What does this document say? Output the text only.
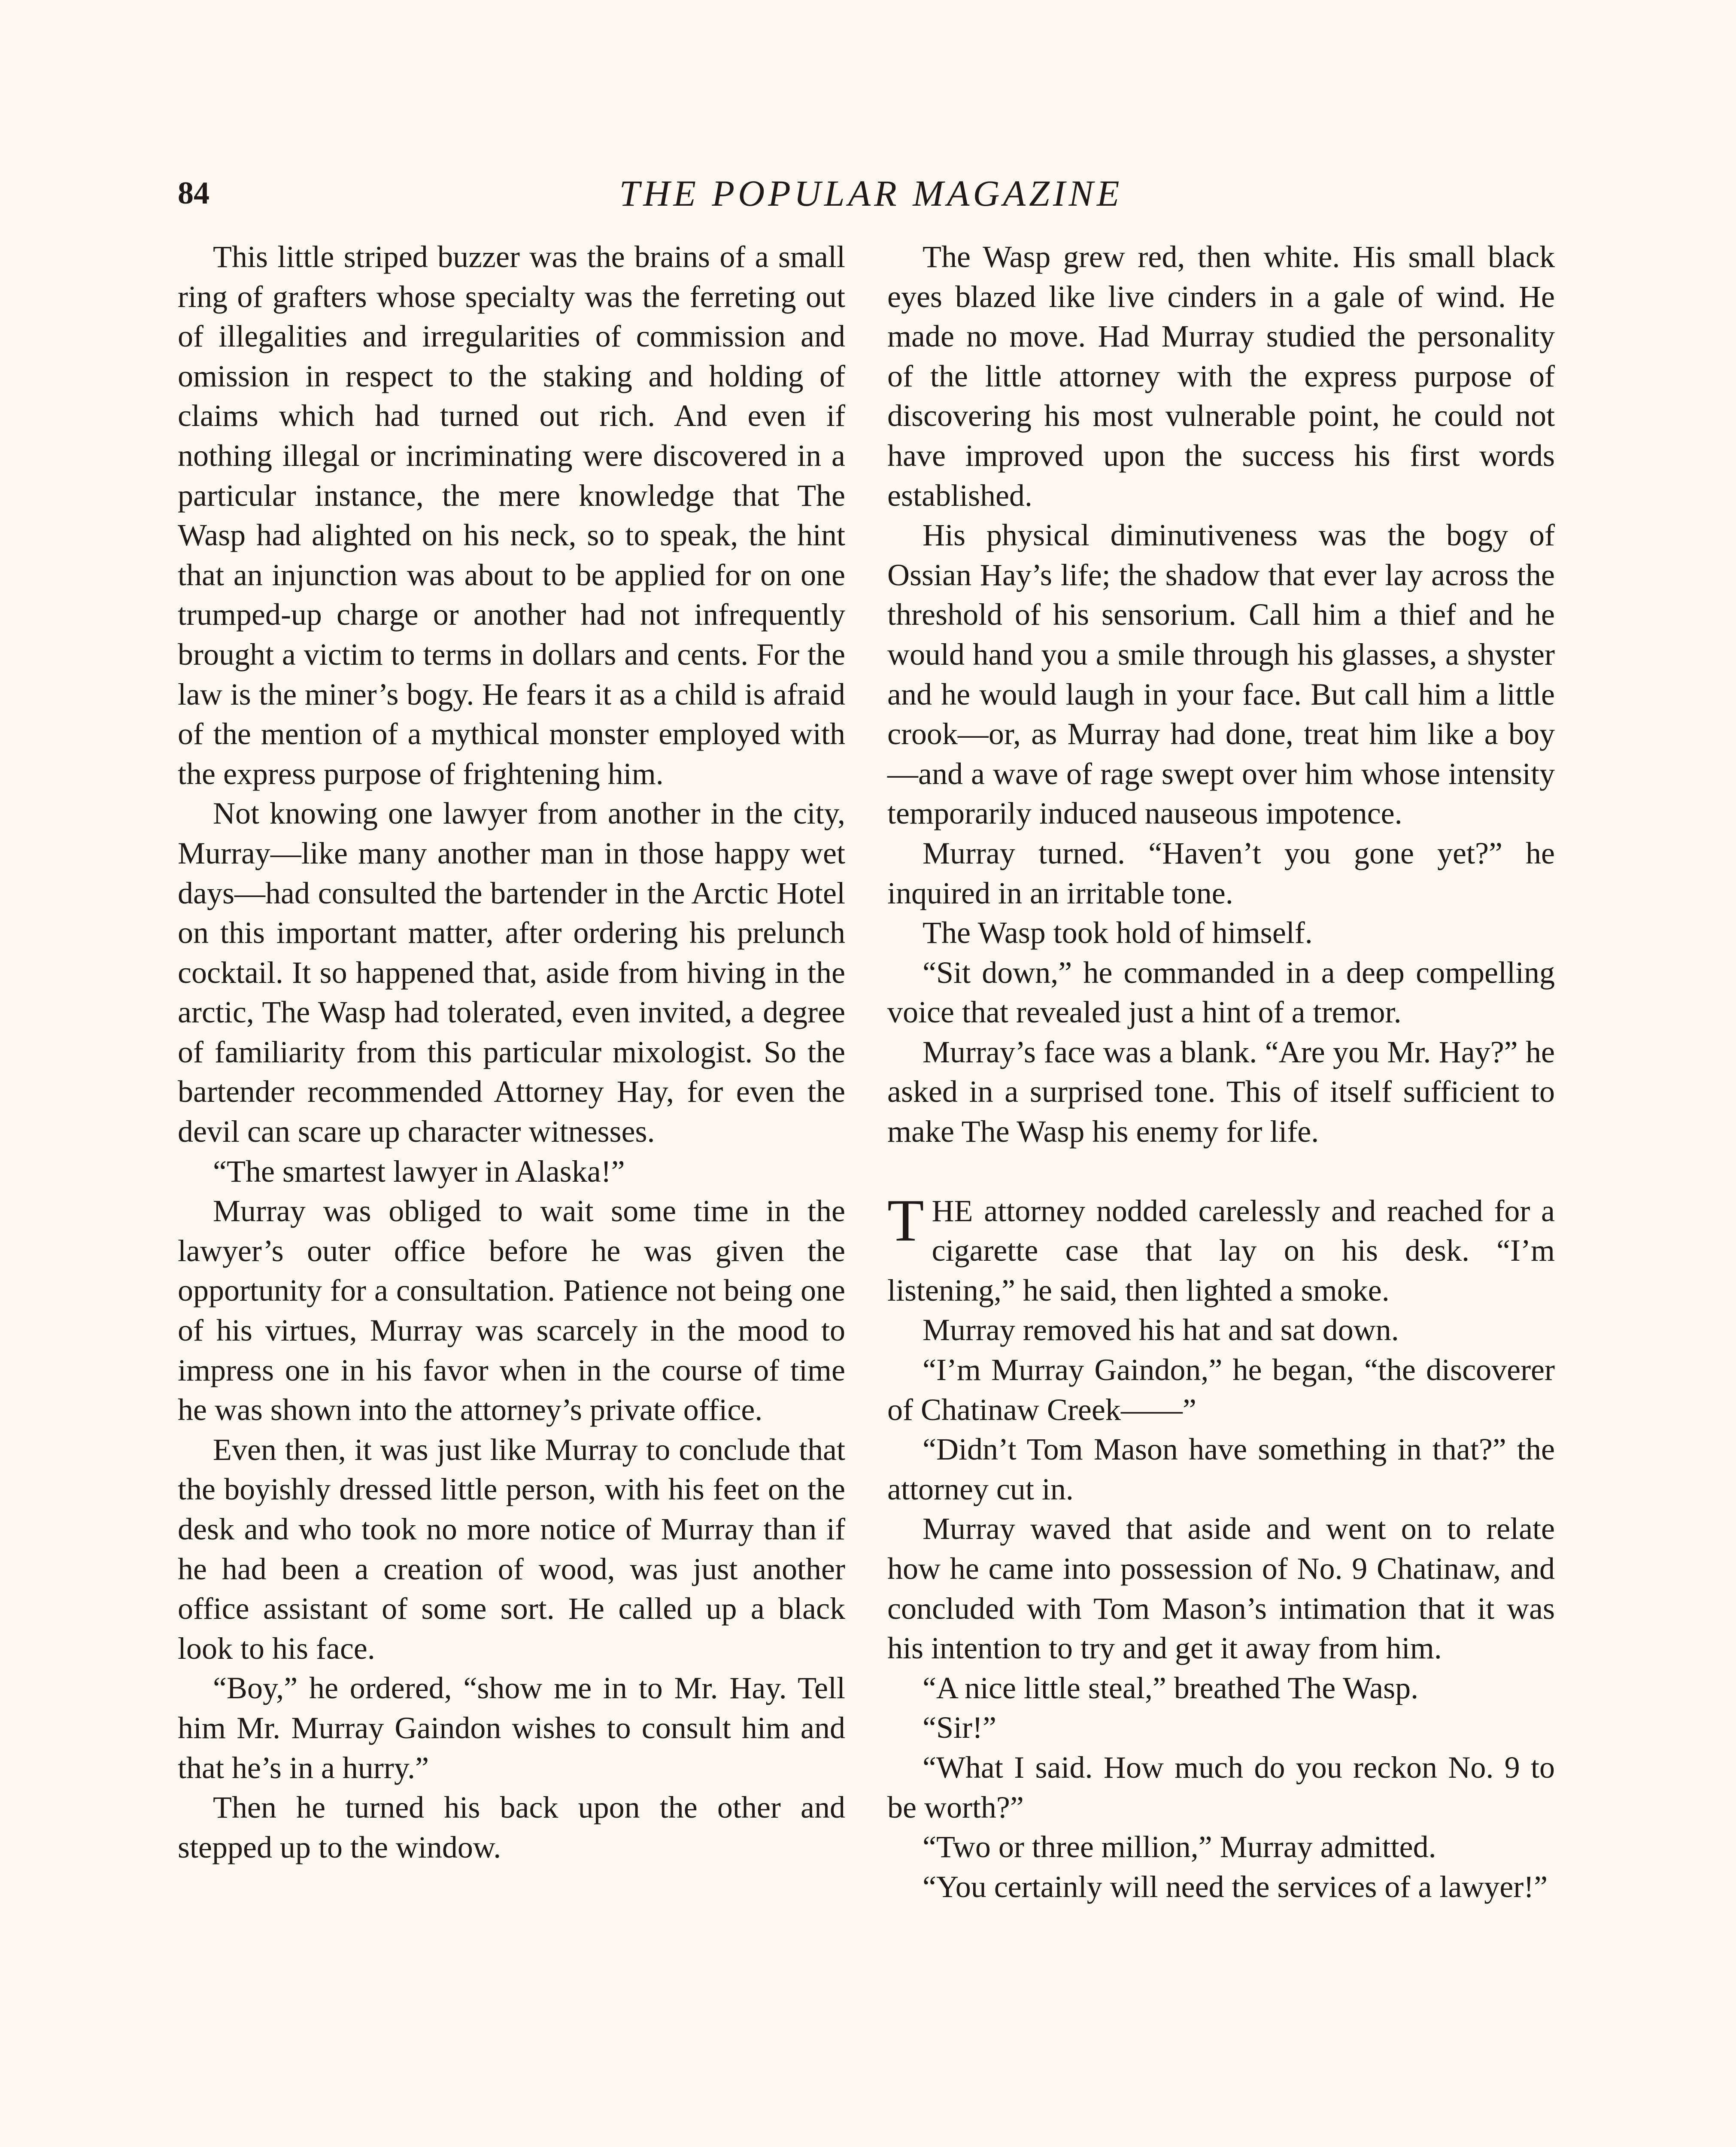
84	THE POPULAR MAGAZINE

This little striped buzzer was the brains of a small ring of grafters whose specialty was the ferreting out of illegalities and irregularities of commission and omission in respect to the staking and holding of claims which had turned out rich. And even if nothing illegal or incriminating were discovered in a particular instance, the mere knowledge that The Wasp had alighted on his neck, so to speak, the hint that an injunction was about to be applied for on one trumped-up charge or another had not infrequently brought a victim to terms in dollars and cents. For the law is the miner’s bogy. He fears it as a child is afraid of the mention of a mythical monster employed with the express purpose of frightening him.

Not knowing one lawyer from another in the city, Murray—like many another man in those happy wet days—had consulted the bartender in the Arctic Hotel on this important matter, after ordering his prelunch cocktail. It so happened that, aside from hiving in the arctic, The Wasp had tolerated, even invited, a degree of familiarity from this particular mixologist. So the bartender recommended Attorney Hay, for even the devil can scare up character witnesses.

“The smartest lawyer in Alaska!”

Murray was obliged to wait some time in the lawyer’s outer office before he was given the opportunity for a consultation. Patience not being one of his virtues, Murray was scarcely in the mood to impress one in his favor when in the course of time he was shown into the attorney’s private office.

Even then, it was just like Murray to conclude that the boyishly dressed little person, with his feet on the desk and who took no more notice of Murray than if he had been a creation of wood, was just another office assistant of some sort. He called up a black look to his face.

“Boy,” he ordered, “show me in to Mr. Hay. Tell him Mr. Murray Gaindon wishes to consult him and that he’s in a hurry.”

Then he turned his back upon the other and stepped up to the window.

The Wasp grew red, then white. His small black eyes blazed like live cinders in a gale of wind. He made no move. Had Murray studied the personality of the little attorney with the express purpose of discovering his most vulnerable point, he could not have improved upon the success his first words established.

His physical diminutiveness was the bogy of Ossian Hay’s life; the shadow that ever lay across the threshold of his sensorium. Call him a thief and he would hand you a smile through his glasses, a shyster and he would laugh in your face. But call him a little crook—or, as Murray had done, treat him like a boy—and a wave of rage swept over him whose intensity temporarily induced nauseous impotence.

Murray turned. “Haven’t you gone yet?” he inquired in an irritable tone.

The Wasp took hold of himself.

“Sit down,” he commanded in a deep compelling voice that revealed just a hint of a tremor.

Murray’s face was a blank. “Are you Mr. Hay?” he asked in a surprised tone. This of itself sufficient to make The Wasp his enemy for life.

THE attorney nodded carelessly and reached for a cigarette case that lay on his desk. “I’m listening,” he said, then lighted a smoke.

Murray removed his hat and sat down.

“I’m Murray Gaindon,” he began, “the discoverer of Chatinaw Creek——”

“Didn’t Tom Mason have something in that?” the attorney cut in.

Murray waved that aside and went on to relate how he came into possession of No. 9 Chatinaw, and concluded with Tom Mason’s intimation that it was his intention to try and get it away from him.

“A nice little steal,” breathed The Wasp.

“Sir!”

“What I said. How much do you reckon No. 9 to be worth?”

“Two or three million,” Murray admitted.

“You certainly will need the services of a lawyer!”
